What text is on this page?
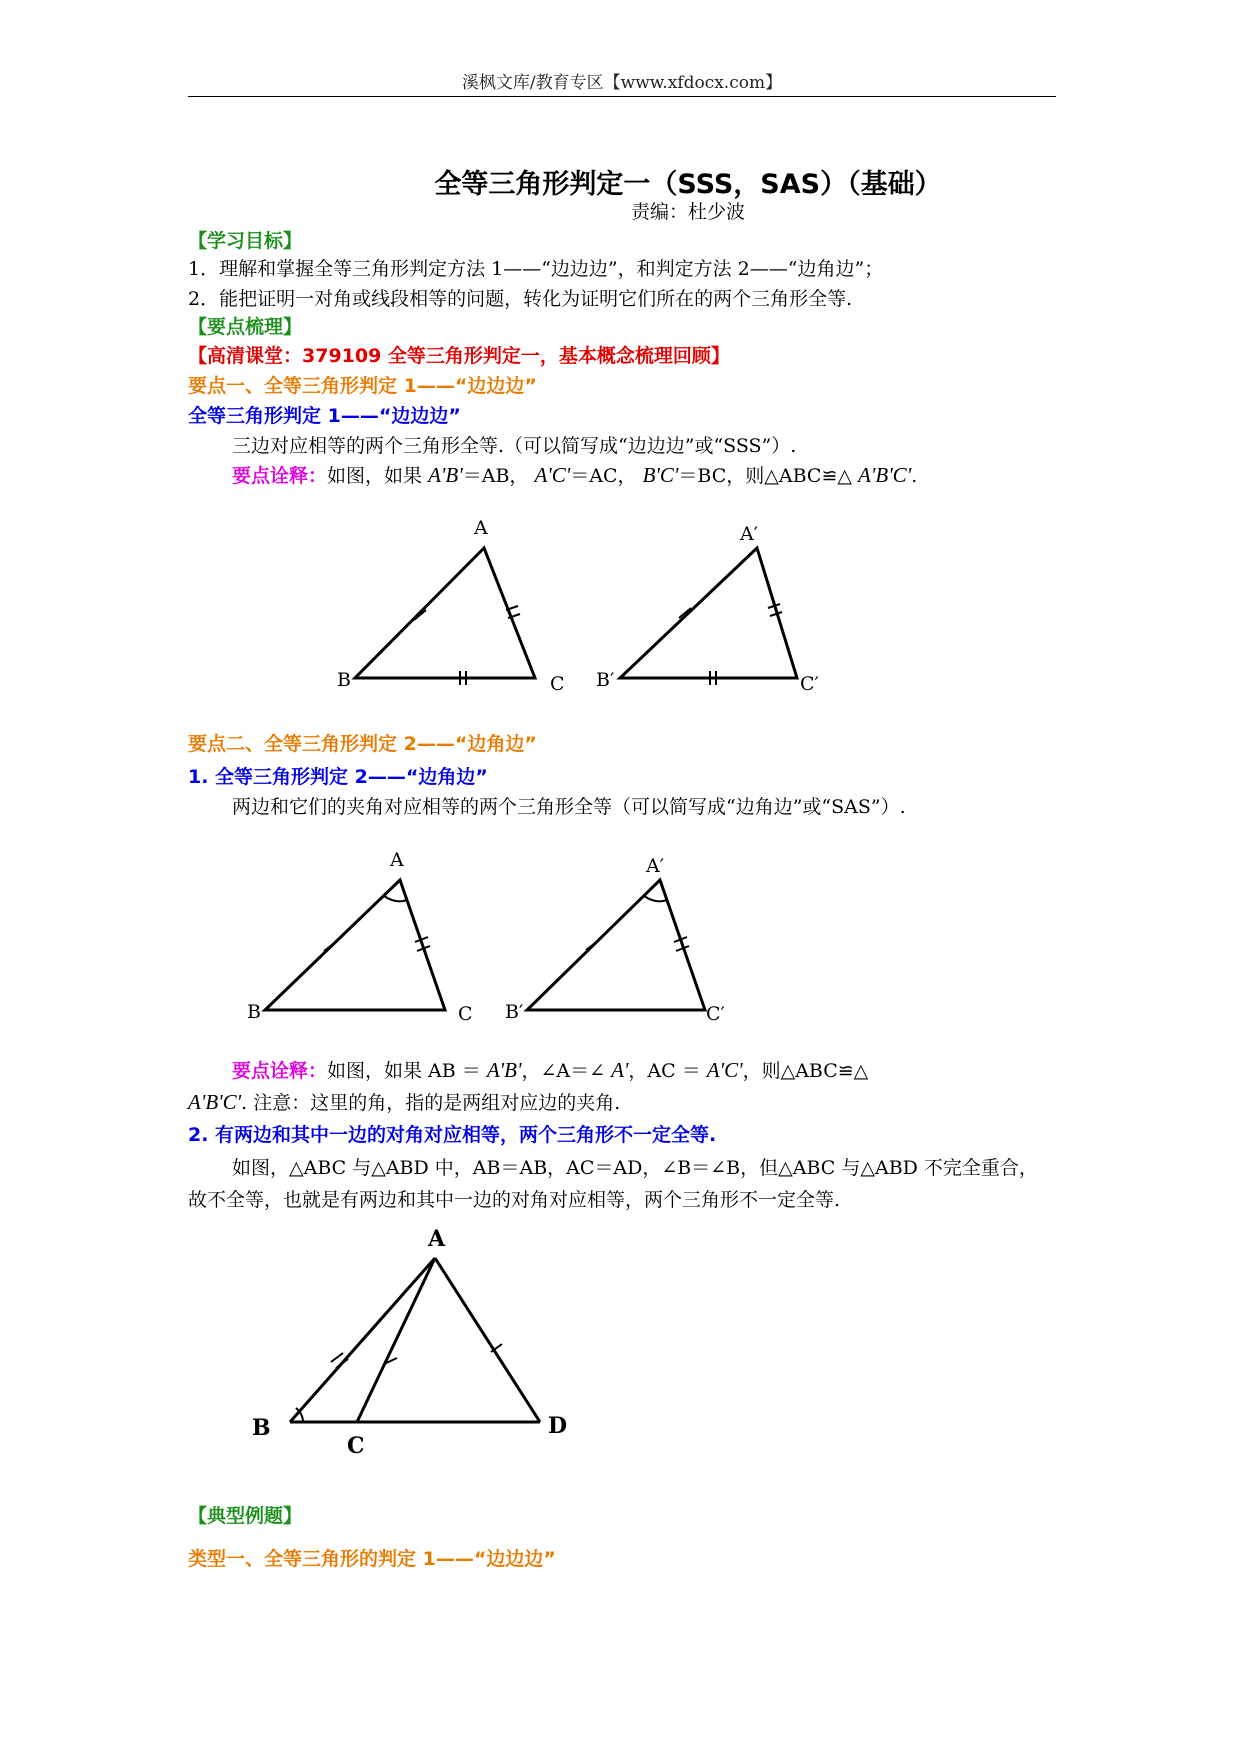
溪枫文库/教育专区【www.xfdocx.com】
全等三角形判定一（SSS，SAS）（基础）
责编：杜少波
【学习目标】
1．理解和掌握全等三角形判定方法 1——“边边边”，和判定方法 2——“边角边”；
2．能把证明一对角或线段相等的问题，转化为证明它们所在的两个三角形全等.
【要点梳理】
【高清课堂：379109 全等三角形判定一，基本概念梳理回顾】
要点一、全等三角形判定 1——“边边边”
全等三角形判定 1——“边边边”
三边对应相等的两个三角形全等.（可以简写成“边边边”或“SSS”）.
要点诠释：如图，如果 A'B'＝AB， A'C'＝AC， B'C'＝BC，则△ABC≌△ A'B'C'.
A
B	C
A′
B′	C′
A
B	C
A′
B′	C′
A
B
C
D
要点二、全等三角形判定 2——“边角边”
1. 全等三角形判定 2——“边角边”
两边和它们的夹角对应相等的两个三角形全等（可以简写成“边角边”或“SAS”）.
要点诠释：如图，如果 AB ＝ A'B'，∠A＝∠ A'，AC ＝ A'C'，则△ABC≌△
A'B'C'. 注意：这里的角，指的是两组对应边的夹角.
2. 有两边和其中一边的对角对应相等，两个三角形不一定全等.
如图，△ABC 与△ABD 中，AB＝AB，AC＝AD，∠B＝∠B，但△ABC 与△ABD 不完全重合，
故不全等，也就是有两边和其中一边的对角对应相等，两个三角形不一定全等.
【典型例题】
类型一、全等三角形的判定 1——“边边边”
